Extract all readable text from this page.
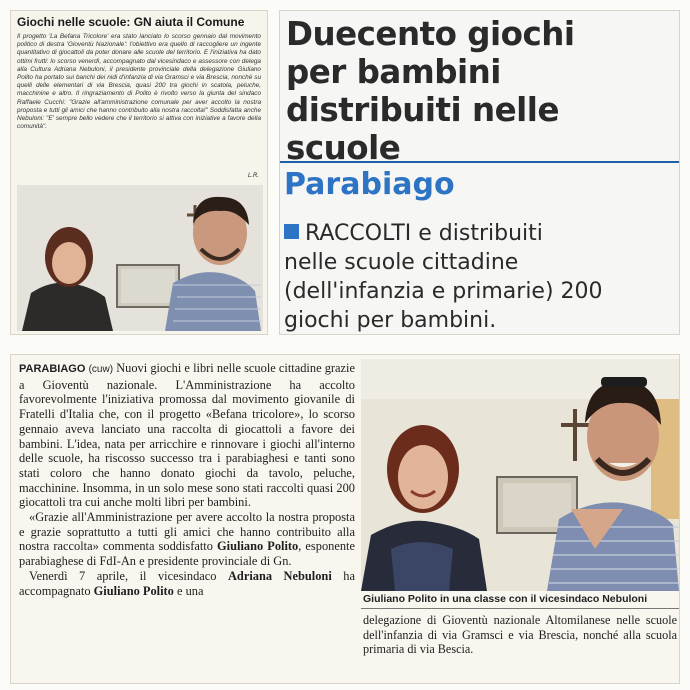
Giochi nelle scuole: GN aiuta il Comune
Il progetto 'La Befana Tricolore' era stato lanciato lo scorso gennaio dal movimento politico di destra 'Gioventù Nazionale': l'obiettivo era quello di raccogliere un ingente quantitativo di giocattoli da poter donare alle scuole del territorio. E l'iniziativa ha dato ottimi frutti: lo scorso venerdì, accompagnato dal vicesindaco e assessore con delega alla Cultura Adriana Nebuloni, il presidente provinciale della delegazione Giuliano Polito ha portato sui banchi dei nidi d'infanzia di via Gramsci e via Brescia, nonché su quelli delle elementari di via Brescia, quasi 200 tra giochi in scatola, peluche, macchinine e altro. Il ringraziamento di Polito è rivolto verso la giunta del sindaco Raffaele Cucchi: "Grazie all'amministrazione comunale per aver accolto la nostra proposta e tutti gli amici che hanno contribuito alla nostra raccolta!" Soddisfatta anche Nebuloni: "E' sempre bello vedere che il territorio si attiva con iniziative a favore della comunità".
L.R.
Duecento giochi
per bambini
distribuiti nelle scuole
Parabiago
RACCOLTI e distribuiti
nelle scuole cittadine
(dell'infanzia e primarie) 200
giochi per bambini.

PARABIAGO (cuw) Nuovi giochi e libri nelle scuole cittadine grazie a Gioventù nazionale. L'Amministrazione ha accolto favorevolmente l'iniziativa promossa dal movimento giovanile di Fratelli d'Italia che, con il progetto «Befana tricolore», lo scorso gennaio aveva lanciato una raccolta di giocattoli a favore dei bambini. L'idea, nata per arricchire e rinnovare i giochi all'interno delle scuole, ha riscosso successo tra i parabiaghesi e tanti sono stati coloro che hanno donato giochi da tavolo, peluche, macchinine. Insomma, in un solo mese sono stati raccolti quasi 200 giocattoli tra cui anche molti libri per bambini.

«Grazie all'Amministrazione per avere accolto la nostra proposta e grazie soprattutto a tutti gli amici che hanno contribuito alla nostra raccolta» commenta soddisfatto Giuliano Polito, esponente parabiaghese di FdI-An e presidente provinciale di Gn.

Venerdì 7 aprile, il vicesindaco Adriana Nebuloni ha accompagnato Giuliano Polito e una

Giuliano Polito in una classe con il vicesindaco Nebuloni
delegazione di Gioventù nazionale Altomilanese nelle scuole dell'infanzia di via Gramsci e via Brescia, nonché alla scuola primaria di via Bescia.
